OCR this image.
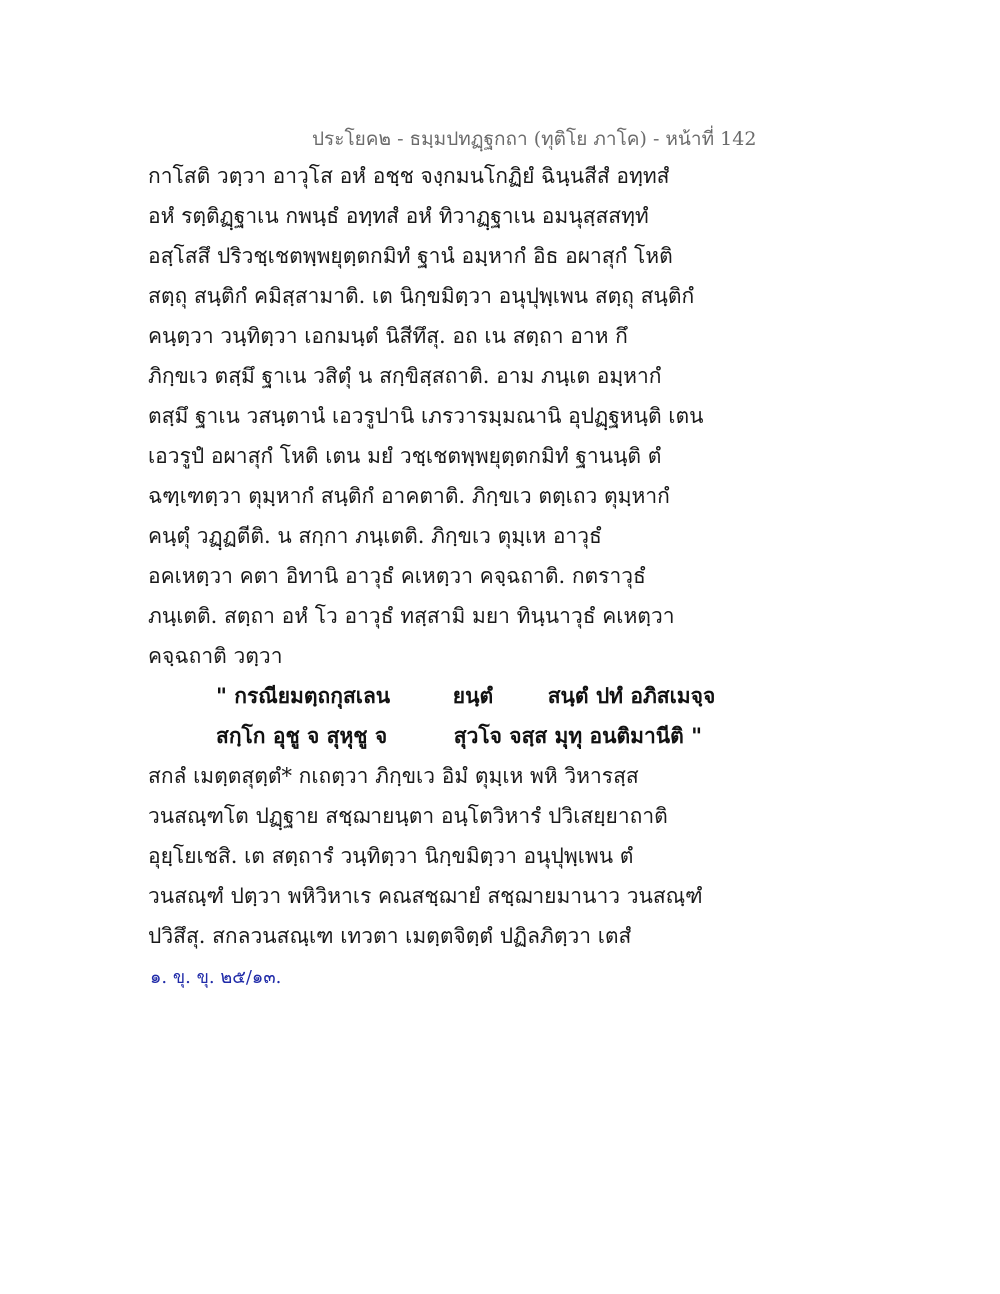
ประโยค๒ - ธมฺมปทฏฺฐกถา (ทุติโย ภาโค) - หน้าที่ 142
กาโสติ วตฺวา อาวุโส อหํ อชฺช จงฺกมนโกฏิยํ ฉินฺนสีสํ อทฺทสํ
อหํ รตฺติฏฺฐาเน กพนฺธํ อทฺทสํ อหํ ทิวาฏฺฐาเน อมนุสฺสสทฺทํ
อสฺโสสึ ปริวชฺเชตพฺพยุตฺตกมิทํ ฐานํ อมฺหากํ อิธ อผาสุกํ โหติ
สตฺถุ สนฺติกํ คมิสฺสามาติ. เต นิกฺขมิตฺวา อนุปุพฺเพน สตฺถุ สนฺติกํ
คนฺตฺวา วนฺทิตฺวา เอกมนฺตํ นิสีทึสุ. อถ เน สตฺถา อาห กึ
ภิกฺขเว ตสฺมึ ฐาเน วสิตุํ น สกฺขิสฺสถาติ. อาม ภนฺเต อมฺหากํ
ตสฺมึ ฐาเน วสนฺตานํ เอวรูปานิ เภรวารมฺมณานิ อุปฏฺฐหนฺติ เตน
เอวรูปํ อผาสุกํ โหติ เตน มยํ วชฺเชตพฺพยุตฺตกมิทํ ฐานนฺติ ตํ
ฉฑฺเฑตฺวา ตุมฺหากํ สนฺติกํ อาคตาติ. ภิกฺขเว ตตฺเถว ตุมฺหากํ
คนฺตุํ วฏฺฏตีติ. น สกฺกา ภนฺเตติ. ภิกฺขเว ตุมฺเห อาวุธํ
อคเหตฺวา คตา อิทานิ อาวุธํ คเหตฺวา คจฺฉถาติ. กตราวุธํ
ภนฺเตติ. สตฺถา อหํ โว อาวุธํ ทสฺสามิ มยา ทินฺนาวุธํ คเหตฺวา
คจฺฉถาติ วตฺวา
" กรณียมตฺถกุสเลน	ยนฺตํ	สนฺตํ ปทํ อภิสเมจฺจ
สกฺโก อุชู จ สุหุชู จ	สุวโจ จสฺส มุทุ อนติมานีติ "
สกลํ เมตฺตสุตฺตํ* กเถตฺวา ภิกฺขเว อิมํ ตุมฺเห พหิ วิหารสฺส
วนสณฺฑโต ปฏฺฐาย สชฺฌายนฺตา อนฺโตวิหารํ ปวิเสยฺยาถาติ
อุยฺโยเชสิ. เต สตฺถารํ วนฺทิตฺวา นิกฺขมิตฺวา อนุปุพฺเพน ตํ
วนสณฺฑํ ปตฺวา พหิวิหาเร คณสชฺฌายํ สชฺฌายมานาว วนสณฺฑํ
ปวิสึสุ. สกลวนสณฺเฑ เทวตา เมตฺตจิตฺตํ ปฏิลภิตฺวา เตสํ
๑. ขุ. ขุ. ๒๕/๑๓.
